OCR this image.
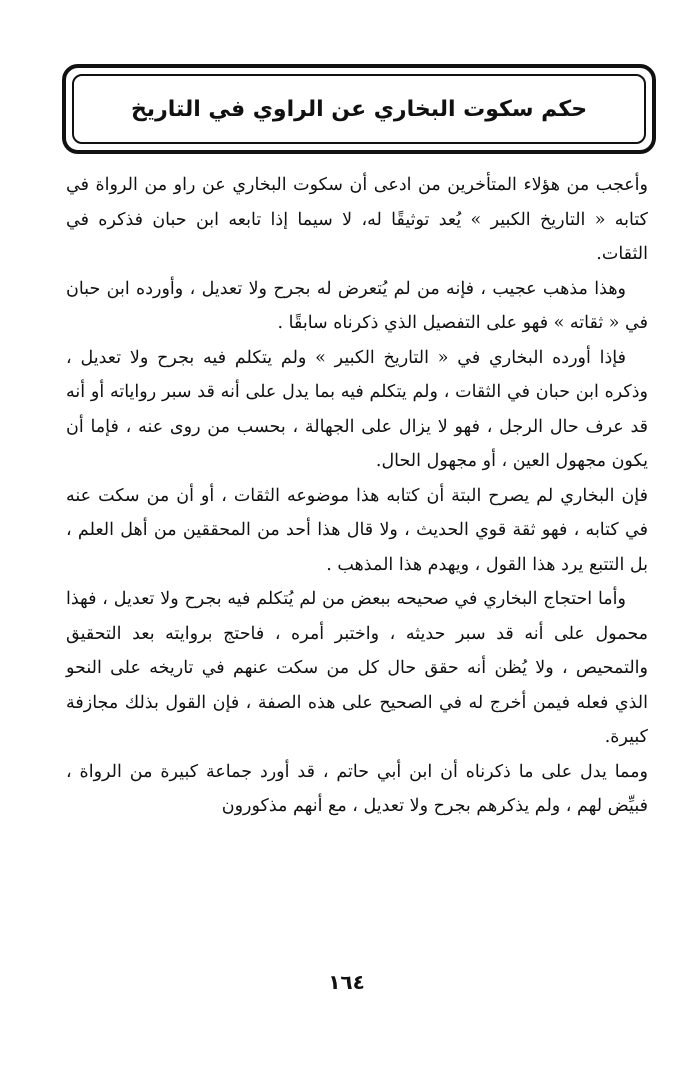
حكم سكوت البخاري عن الراوي في التاريخ

وأعجب من هؤلاء المتأخرين من ادعى أن سكوت البخاري عن راو من الرواة في كتابه « التاريخ الكبير » يُعد توثيقًا له، لا سيما إذا تابعه ابن حبان فذكره في الثقات.

وهذا مذهب عجيب ، فإنه من لم يُتعرض له بجرح ولا تعديل ، وأورده ابن حبان في « ثقاته » فهو على التفصيل الذي ذكرناه سابقًا .

فإذا أورده البخاري في « التاريخ الكبير » ولم يتكلم فيه بجرح ولا تعديل ، وذكره ابن حبان في الثقات ، ولم يتكلم فيه بما يدل على أنه قد سبر رواياته أو أنه قد عرف حال الرجل ، فهو لا يزال على الجهالة ، بحسب من روى عنه ، فإما أن يكون مجهول العين ، أو مجهول الحال.

فإن البخاري لم يصرح البتة أن كتابه هذا موضوعه الثقات ، أو أن من سكت عنه في كتابه ، فهو ثقة قوي الحديث ، ولا قال هذا أحد من المحققين من أهل العلم ، بل التتبع يرد هذا القول ، ويهدم هذا المذهب .

وأما احتجاج البخاري في صحيحه ببعض من لم يُتكلم فيه بجرح ولا تعديل ، فهذا محمول على أنه قد سبر حديثه ، واختبر أمره ، فاحتج بروايته بعد التحقيق والتمحيص ، ولا يُظن أنه حقق حال كل من سكت عنهم في تاريخه على النحو الذي فعله فيمن أخرج له في الصحيح على هذه الصفة ، فإن القول بذلك مجازفة كبيرة.

ومما يدل على ما ذكرناه أن ابن أبي حاتم ، قد أورد جماعة كبيرة من الرواة ، فبيِّض لهم ، ولم يذكرهم بجرح ولا تعديل ، مع أنهم مذكورون

١٦٤
